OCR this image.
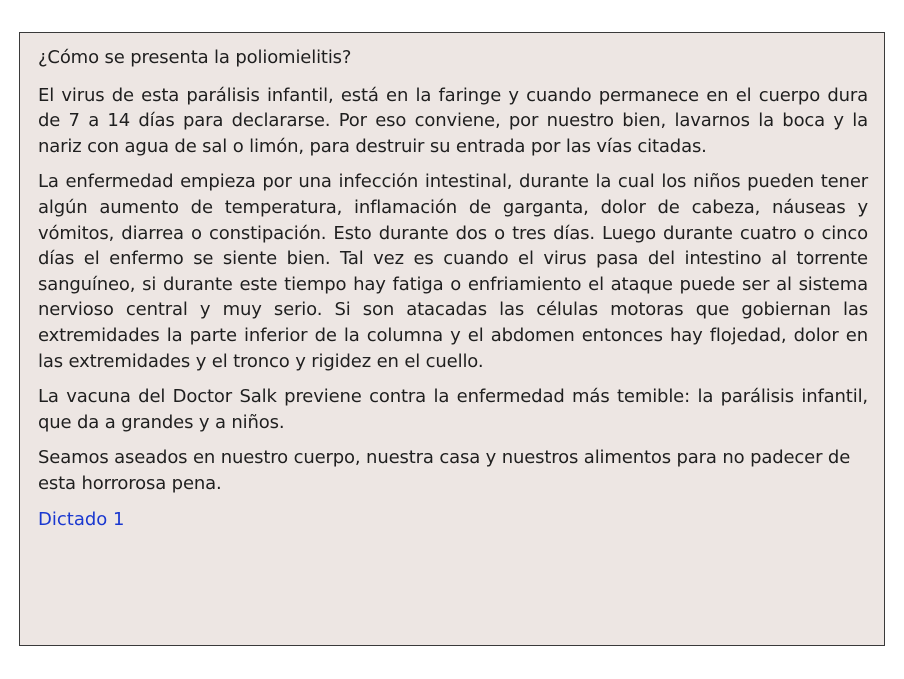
¿Cómo se presenta la poliomielitis?

El virus de esta parálisis infantil, está en la faringe y cuando permanece en el cuerpo dura de 7 a 14 días para declararse. Por eso conviene, por nuestro bien, lavarnos la boca y la nariz con agua de sal o limón, para destruir su entrada por las vías citadas.

La enfermedad empieza por una infección intestinal, durante la cual los niños pueden tener algún aumento de temperatura, inflamación de garganta, dolor de cabeza, náuseas y vómitos, diarrea o constipación. Esto durante dos o tres días. Luego durante cuatro o cinco días el enfermo se siente bien. Tal vez es cuando el virus pasa del intestino al torrente sanguíneo, si durante este tiempo hay fatiga o enfriamiento el ataque puede ser al sistema nervioso central y muy serio. Si son atacadas las células motoras que gobiernan las extremidades la parte inferior de la columna y el abdomen entonces hay flojedad, dolor en las extremidades y el tronco y rigidez en el cuello.

La vacuna del Doctor Salk previene contra la enfermedad más temible: la parálisis infantil, que da a grandes y a niños.

Seamos aseados en nuestro cuerpo, nuestra casa y nuestros alimentos para no padecer de esta horrorosa pena.

Dictado 1
